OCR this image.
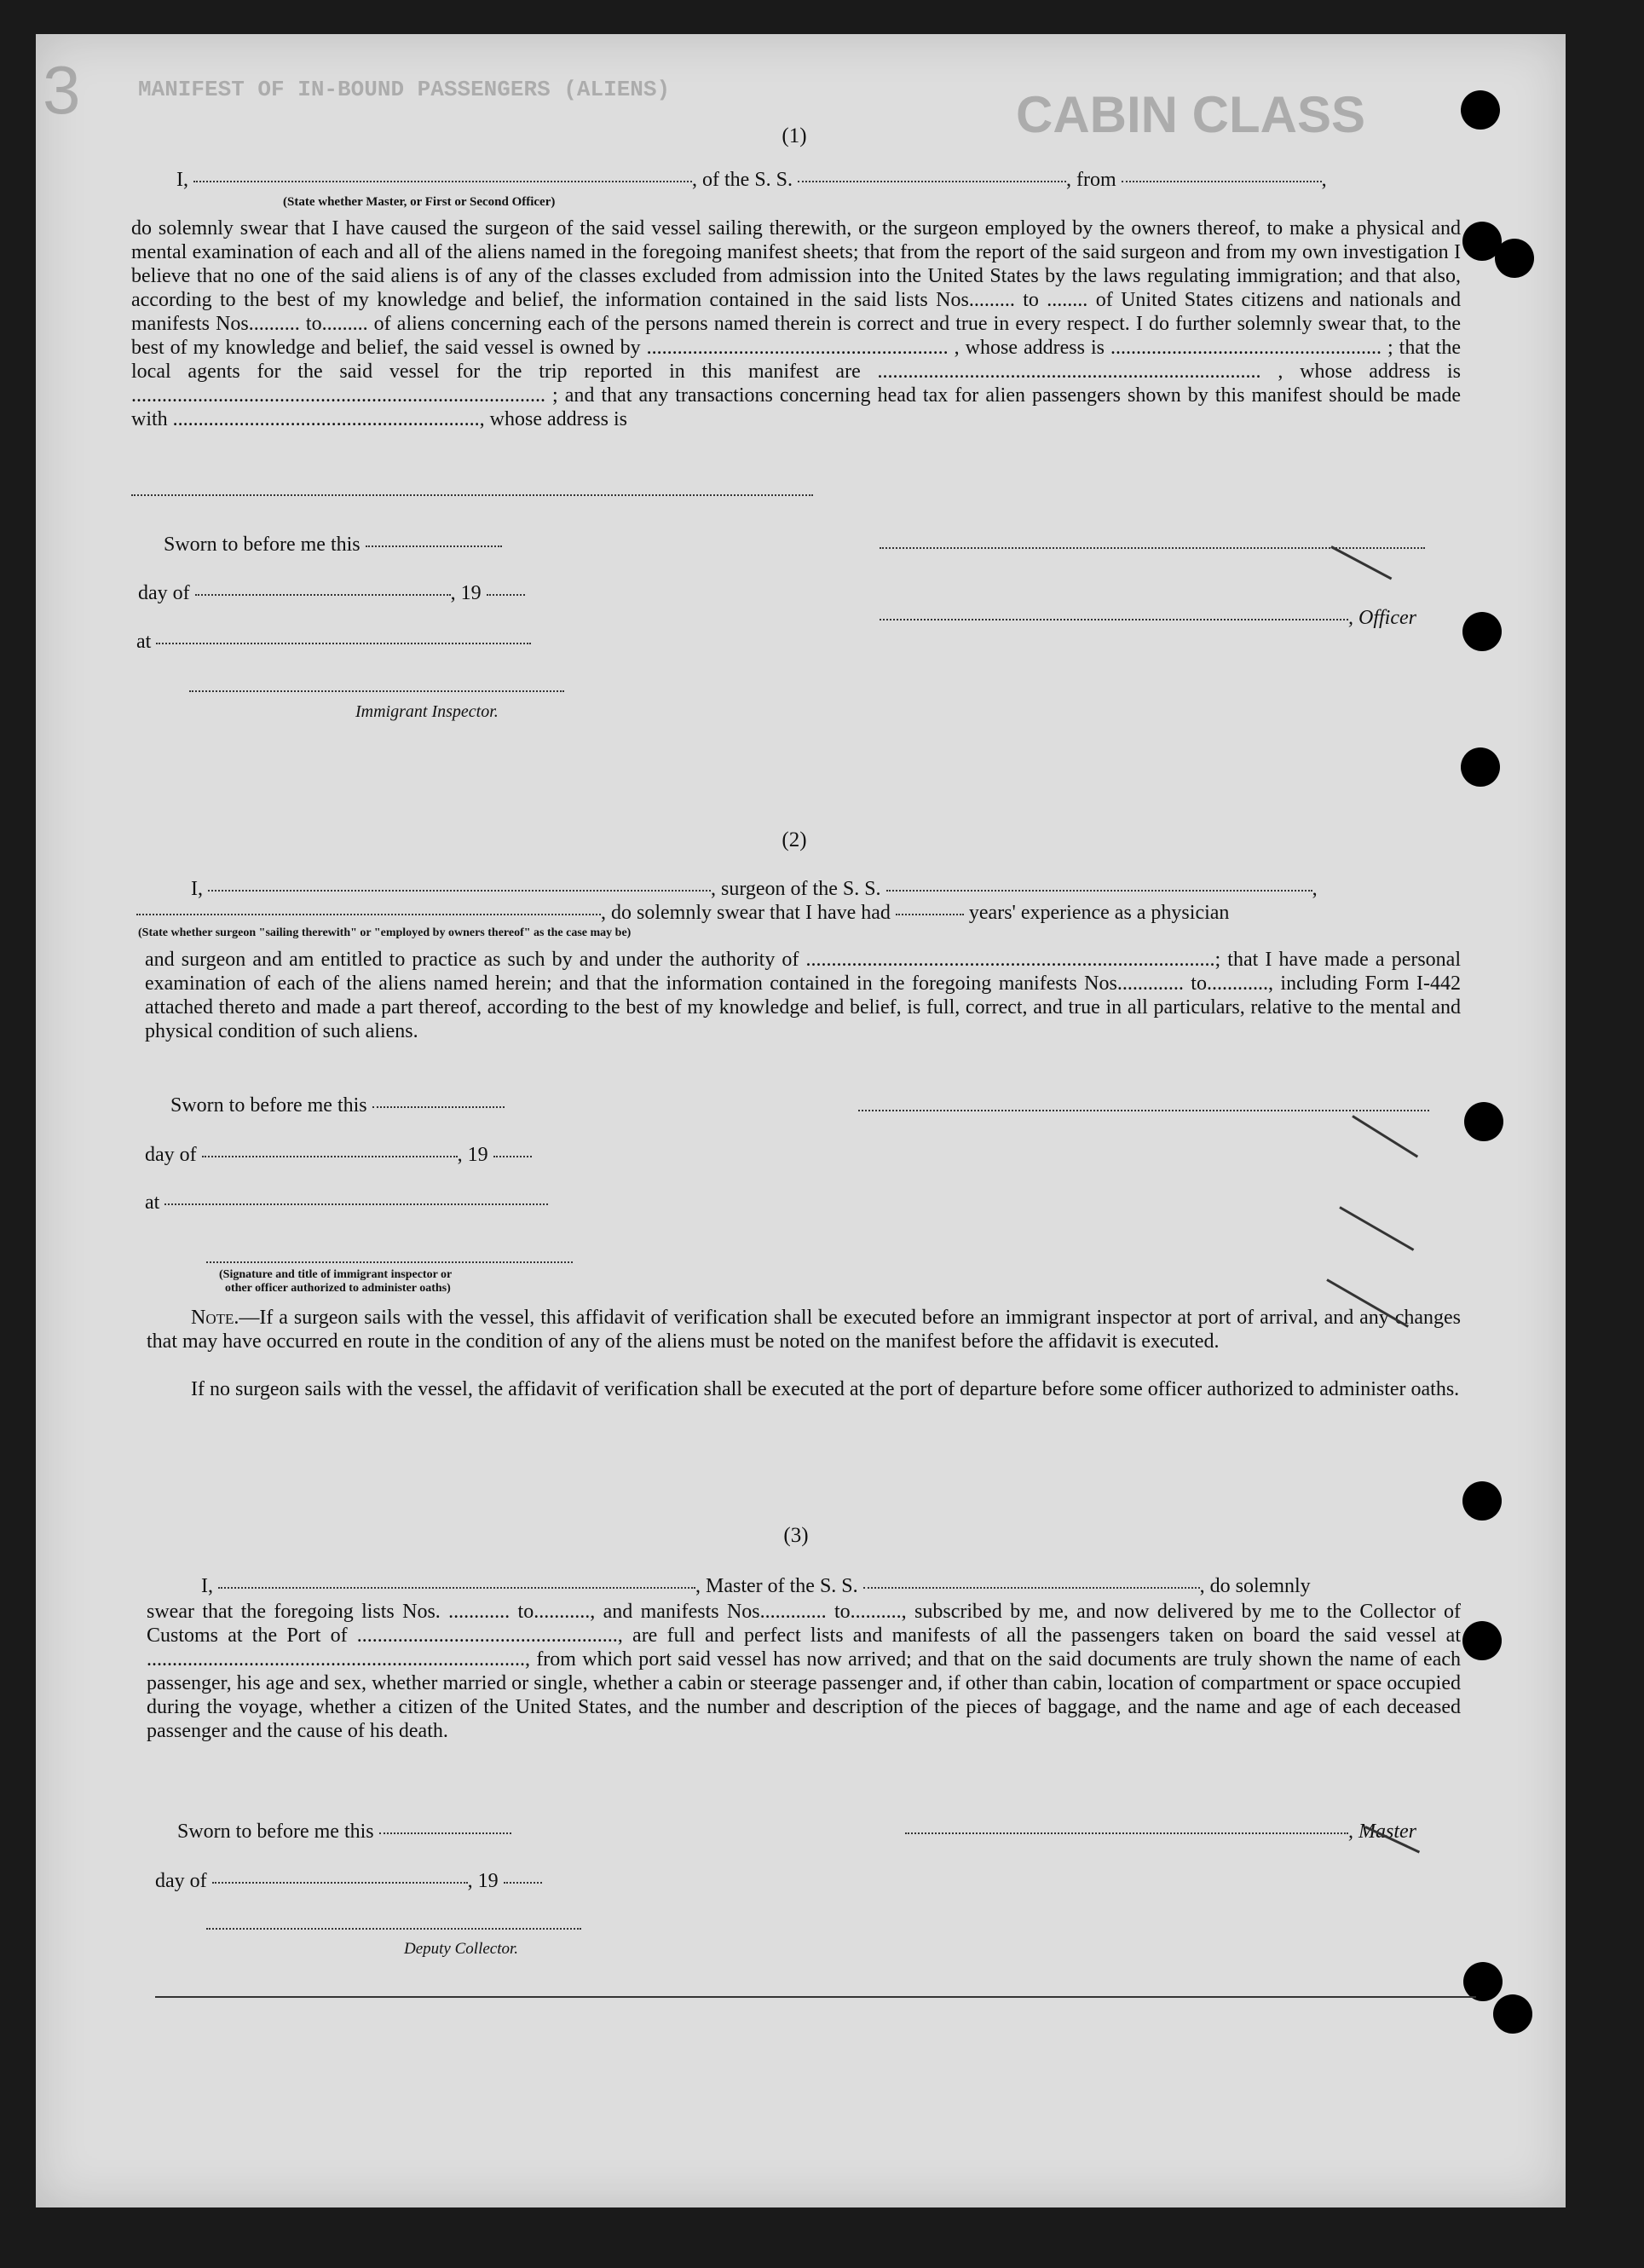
MANIFEST OF IN-BOUND PASSENGERS (ALIENS)
3	CABIN CLASS
(1)
I,	, of the S. S.	, from	,
(State whether Master, or First or Second Officer)
do solemnly swear that I have caused the surgeon of the said vessel sailing therewith, or the surgeon employed by the owners thereof, to make a physical and mental examination of each and all of the aliens named in the foregoing manifest sheets; that from the report of the said surgeon and from my own investigation I believe that no one of the said aliens is of any of the classes excluded from admission into the United States by the laws regulating immigration; and that also, according to the best of my knowledge and belief, the information contained in the said lists Nos......... to ........ of United States citizens and nationals and manifests Nos.......... to......... of aliens concerning each of the persons named therein is correct and true in every respect. I do further solemnly swear that, to the best of my knowledge and belief, the said vessel is owned by ........................................................... , whose address is ..................................................... ; that the local agents for the said vessel for the trip reported in this manifest are ........................................................................... , whose address is ................................................................................. ; and that any transactions concerning head tax for alien passengers shown by this manifest should be made with ............................................................, whose address is
Sworn to before me this
day of	, 19
at
, Officer
Immigrant Inspector.
(2)
I,	, surgeon of the S. S.	,
, do solemnly swear that I have had	years' experience as a physician
(State whether surgeon "sailing therewith" or "employed by owners thereof" as the case may be)
and surgeon and am entitled to practice as such by and under the authority of ................................................................................; that I have made a personal examination of each of the aliens named herein; and that the information contained in the foregoing manifests Nos............. to............, including Form I-442 attached thereto and made a part thereof, according to the best of my knowledge and belief, is full, correct, and true in all particulars, relative to the mental and physical condition of such aliens.
Sworn to before me this
day of	, 19
at
(Signature and title of immigrant inspector or
other officer authorized to administer oaths)
Note.—If a surgeon sails with the vessel, this affidavit of verification shall be executed before an immigrant inspector at port of arrival, and any changes that may have occurred en route in the condition of any of the aliens must be noted on the manifest before the affidavit is executed.
If no surgeon sails with the vessel, the affidavit of verification shall be executed at the port of departure before some officer authorized to administer oaths.
(3)
I,	, Master of the S. S.	, do solemnly
swear that the foregoing lists Nos. ............ to..........., and manifests Nos............. to.........., subscribed by me, and now delivered by me to the Collector of Customs at the Port of ..................................................., are full and perfect lists and manifests of all the passengers taken on board the said vessel at .........................................................................., from which port said vessel has now arrived; and that on the said documents are truly shown the name of each passenger, his age and sex, whether married or single, whether a cabin or steerage passenger and, if other than cabin, location of compartment or space occupied during the voyage, whether a citizen of the United States, and the number and description of the pieces of baggage, and the name and age of each deceased passenger and the cause of his death.
Sworn to before me this	, Master
day of	, 19
Deputy Collector.
